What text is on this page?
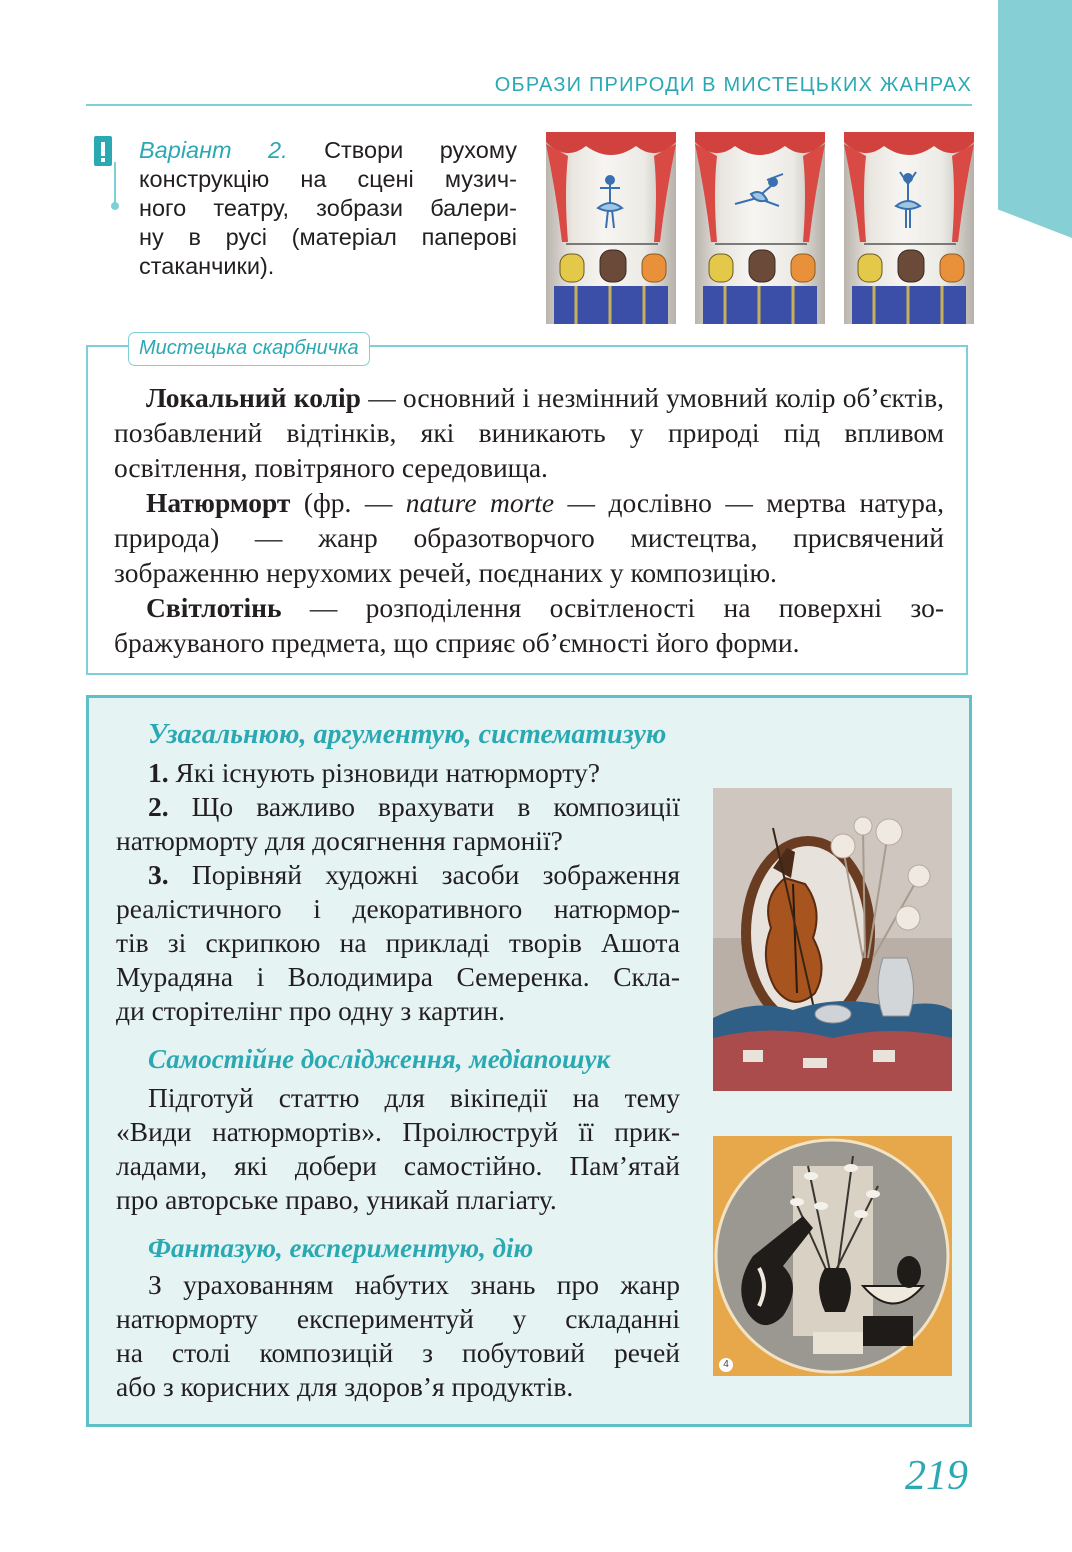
ОБРАЗИ ПРИРОДИ В МИСТЕЦЬКИХ ЖАНРАХ
Варіант 2. Створи рухому
конструкцію на сцені музич-
ного театру, зобрази балери-
ну в русі (матеріал паперові
стаканчики).
Мистецька скарбничка

Локальний колір — основний і незмінний умовний колір об’єктів, позбавлений відтінків, які виникають у природі під впливом освітлення, повітряного середовища.

Натюрморт (фр. — nature morte — дослівно — мертва натура, природа) — жанр образотворчого мистецтва, присвячений зображенню нерухомих речей, поєднаних у композицію.

Світлотінь — розподілення освітленості на поверхні зображуваного предмета, що сприяє об’ємності його форми.

Узагальнюю, аргументую, систематизую
1. Які існують різновиди натюрморту?
2. Що важливо врахувати в композиції
натюрморту для досягнення гармонії?
3. Порівняй художні засоби зображення
реалістичного і декоративного натюрмор-
тів зі скрипкою на прикладі творів Ашота
Мурадяна і Володимира Семеренка. Скла-
ди сторітелінг про одну з картин.
Самостійне дослідження, медіапошук
Підготуй статтю для вікіпедії на тему
«Види натюрмортів». Проілюструй її прик-
ладами, які добери самостійно. Пам’ятай
про авторське право, уникай плагіату.
Фантазую, експериментую, дію
З урахованням набутих знань про жанр
натюрморту експериментуй у складанні
на столі композицій з побутовий речей
або з корисних для здоров’я продуктів.
4
219
